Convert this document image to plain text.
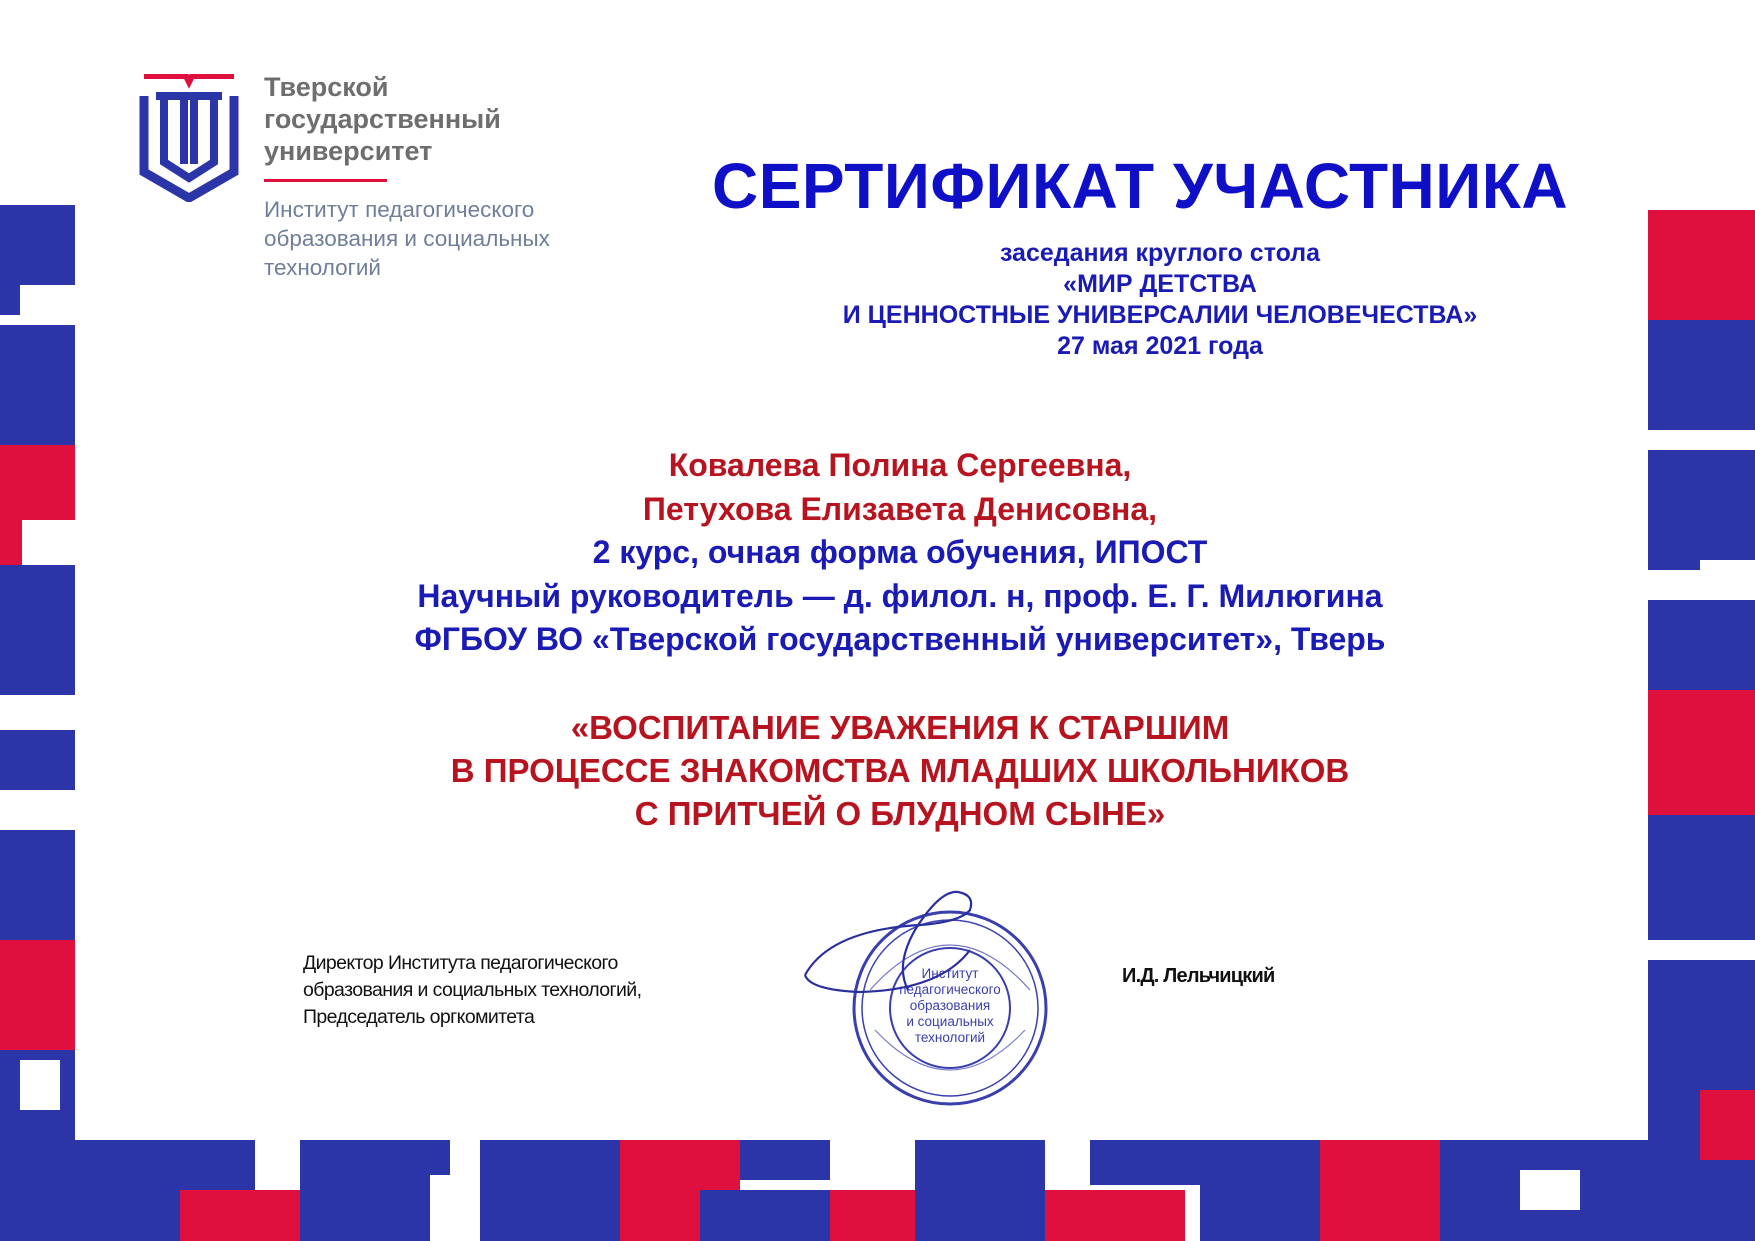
Тверской
государственный
университет
Институт педагогического
образования и социальных
технологий
СЕРТИФИКАТ УЧАСТНИКА
заседания круглого стола
«МИР ДЕТСТВА
И ЦЕННОСТНЫЕ УНИВЕРСАЛИИ ЧЕЛОВЕЧЕСТВА»
27 мая 2021 года
Ковалева Полина Сергеевна,
Петухова Елизавета Денисовна,
2 курс, очная форма обучения, ИПОСТ
Научный руководитель — д. филол. н, проф. Е. Г. Милюгина
ФГБОУ ВО «Тверской государственный университет», Тверь
«ВОСПИТАНИЕ УВАЖЕНИЯ К СТАРШИМ
В ПРОЦЕССЕ ЗНАКОМСТВА МЛАДШИХ ШКОЛЬНИКОВ
С ПРИТЧЕЙ О БЛУДНОМ СЫНЕ»
Директор Института педагогического
образования и социальных технологий,
Председатель оргкомитета
Институт
педагогического
образования
и социальных
технологий
И.Д. Лельчицкий
